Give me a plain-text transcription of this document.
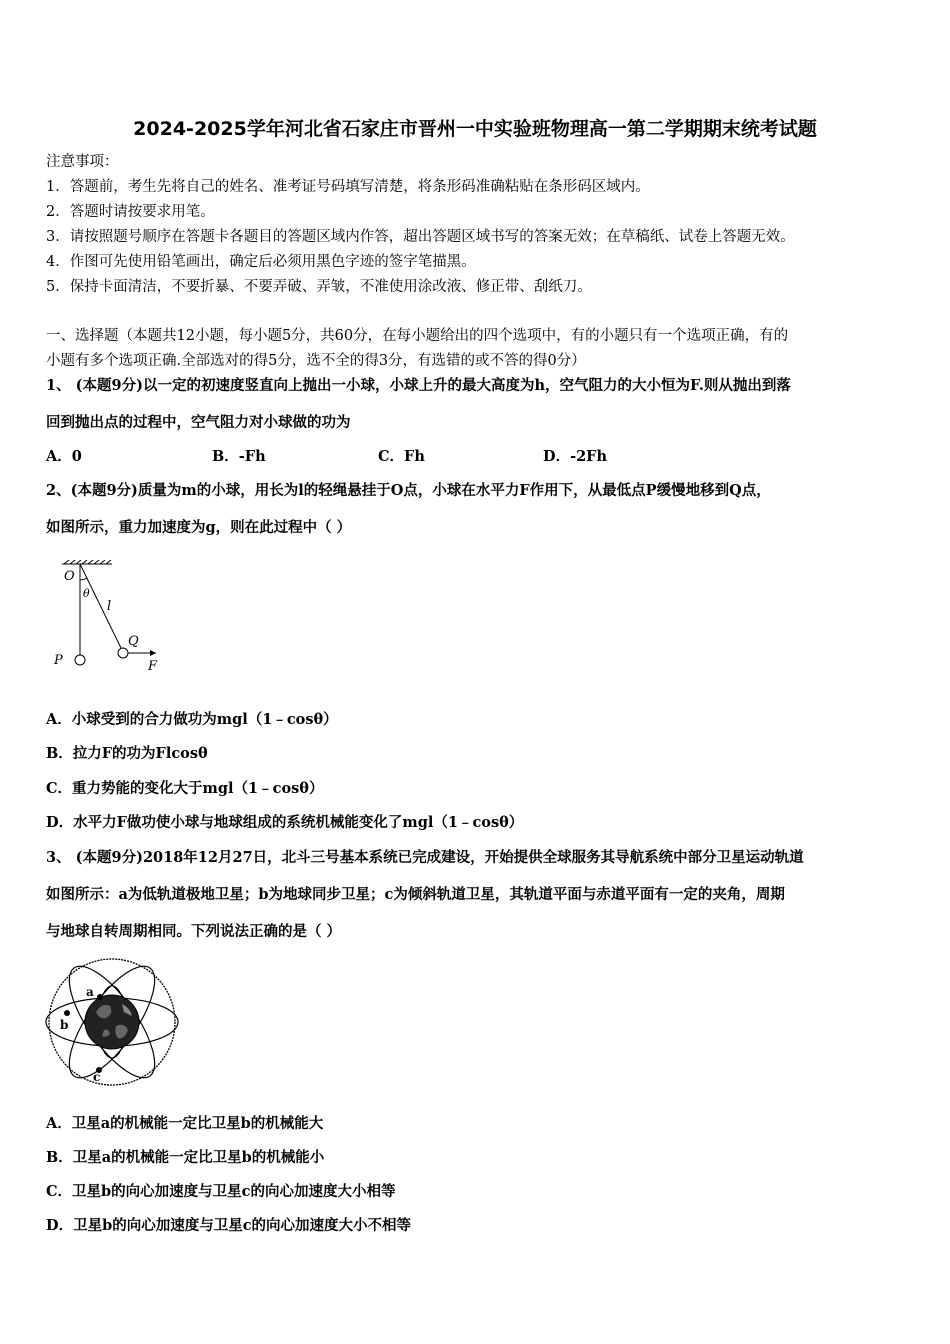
2024-2025学年河北省石家庄市晋州一中实验班物理高一第二学期期末统考试题
注意事项：
1．答题前，考生先将自己的姓名、准考证号码填写清楚，将条形码准确粘贴在条形码区域内。
2．答题时请按要求用笔。
3．请按照题号顺序在答题卡各题目的答题区域内作答，超出答题区域书写的答案无效；在草稿纸、试卷上答题无效。
4．作图可先使用铅笔画出，确定后必须用黑色字迹的签字笔描黑。
5．保持卡面清洁，不要折暴、不要弄破、弄皱，不准使用涂改液、修正带、刮纸刀。
一、选择题（本题共12小题，每小题5分，共60分，在每小题给出的四个选项中，有的小题只有一个选项正确，有的
小题有多个选项正确.全部选对的得5分，选不全的得3分，有选错的或不答的得0分）
1、 (本题9分)以一定的初速度竖直向上抛出一小球，小球上升的最大高度为h，空气阻力的大小恒为F.则从抛出到落
回到抛出点的过程中，空气阻力对小球做的功为
A．0	B．-Fh	C．Fh	D．-2Fh
2、(本题9分)质量为m的小球，用长为l的轻绳悬挂于O点，小球在水平力F作用下，从最低点P缓慢地移到Q点，
如图所示，重力加速度为g，则在此过程中（ ）
O
θ
l
Q
P	F
A．小球受到的合力做功为mgl（1﹣cosθ）
B．拉力F的功为Flcosθ
C．重力势能的变化大于mgl（1﹣cosθ）
D．水平力F做功使小球与地球组成的系统机械能变化了mgl（1﹣cosθ）
3、 (本题9分)2018年12月27日，北斗三号基本系统已完成建设，开始提供全球服务其导航系统中部分卫星运动轨道
如图所示：a为低轨道极地卫星；b为地球同步卫星；c为倾斜轨道卫星，其轨道平面与赤道平面有一定的夹角，周期
与地球自转周期相同。下列说法正确的是（ ）
a
b
c
A．卫星a的机械能一定比卫星b的机械能大
B．卫星a的机械能一定比卫星b的机械能小
C．卫星b的向心加速度与卫星c的向心加速度大小相等
D．卫星b的向心加速度与卫星c的向心加速度大小不相等
